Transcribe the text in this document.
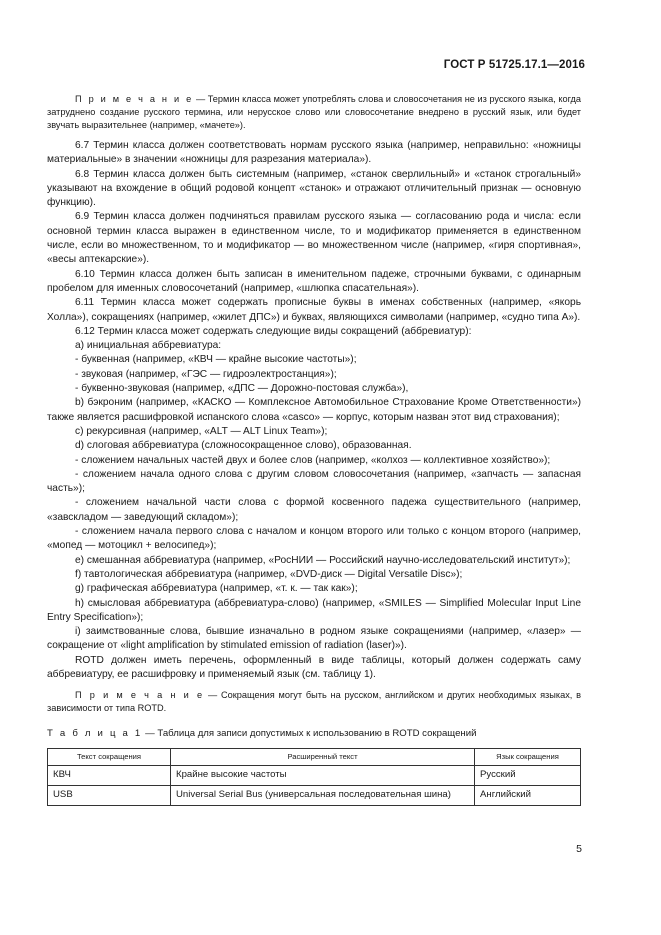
ГОСТ Р 51725.17.1—2016

П р и м е ч а н и е — Термин класса может употреблять слова и словосочетания не из русского языка, когда затруднено создание русского термина, или нерусское слово или словосочетание внедрено в русский язык, или будет звучать выразительнее (например, «мачете»).

6.7 Термин класса должен соответствовать нормам русского языка (например, неправильно: «ножницы материальные» в значении «ножницы для разрезания материала»).

6.8 Термин класса должен быть системным (например, «станок сверлильный» и «станок строгальный» указывают на вхождение в общий родовой концепт «станок» и отражают отличительный признак — основную функцию).

6.9 Термин класса должен подчиняться правилам русского языка — согласованию рода и числа: если основной термин класса выражен в единственном числе, то и модификатор применяется в единственном числе, если во множественном, то и модификатор — во множественном числе (например, «гиря спортивная», «весы аптекарские»).

6.10 Термин класса должен быть записан в именительном падеже, строчными буквами, с одинарным пробелом для именных словосочетаний (например, «шлюпка спасательная»).

6.11 Термин класса может содержать прописные буквы в именах собственных (например, «якорь Холла»), сокращениях (например, «жилет ДПС») и буквах, являющихся символами (например, «судно типа А»).

6.12 Термин класса может содержать следующие виды сокращений (аббревиатур):

а) инициальная аббревиатура:

- буквенная (например, «КВЧ — крайне высокие частоты»);

- звуковая (например, «ГЭС — гидроэлектростанция»);

- буквенно-звуковая (например, «ДПС — Дорожно-постовая служба»),

b) бэкроним (например, «КАСКО — Комплексное Автомобильное Страхование Кроме Ответственности») также является расшифровкой испанского слова «casco» — корпус, которым назван этот вид страхования);

c) рекурсивная (например, «ALT — ALT Linux Team»);

d) слоговая аббревиатура (сложносокращенное слово), образованная.

- сложением начальных частей двух и более слов (например, «колхоз — коллективное хозяйство»);

- сложением начала одного слова с другим словом словосочетания (например, «запчасть — запасная часть»);

- сложением начальной части слова с формой косвенного падежа существительного (например, «завскладом — заведующий складом»);

- сложением начала первого слова с началом и концом второго или только с концом второго (например, «мопед — мотоцикл + велосипед»);

е) смешанная аббревиатура (например, «РосНИИ — Российский научно-исследовательский институт»);

f) тавтологическая аббревиатура (например, «DVD-диск — Digital Versatile Disc»);

g) графическая аббревиатура (например, «т. к. — так как»);

h) смысловая аббревиатура (аббревиатура-слово) (например, «SMILES — Simplified Molecular Input Line Entry Specification»);

i) заимствованные слова, бывшие изначально в родном языке сокращениями (например, «лазер» — сокращение от «light amplification by stimulated emission of radiation (laser)»).

ROTD должен иметь перечень, оформленный в виде таблицы, который должен содержать саму аббревиатуру, ее расшифровку и применяемый язык (см. таблицу 1).

П р и м е ч а н и е — Сокращения могут быть на русском, английском и других необходимых языках, в зависимости от типа ROTD.

Т а б л и ц а 1 — Таблица для записи допустимых к использованию в ROTD сокращений
Текст сокращения	Расширенный текст	Язык сокращения
КВЧ	Крайне высокие частоты	Русский
USB	Universal Serial Bus (универсальная последовательная шина)	Английский
5
